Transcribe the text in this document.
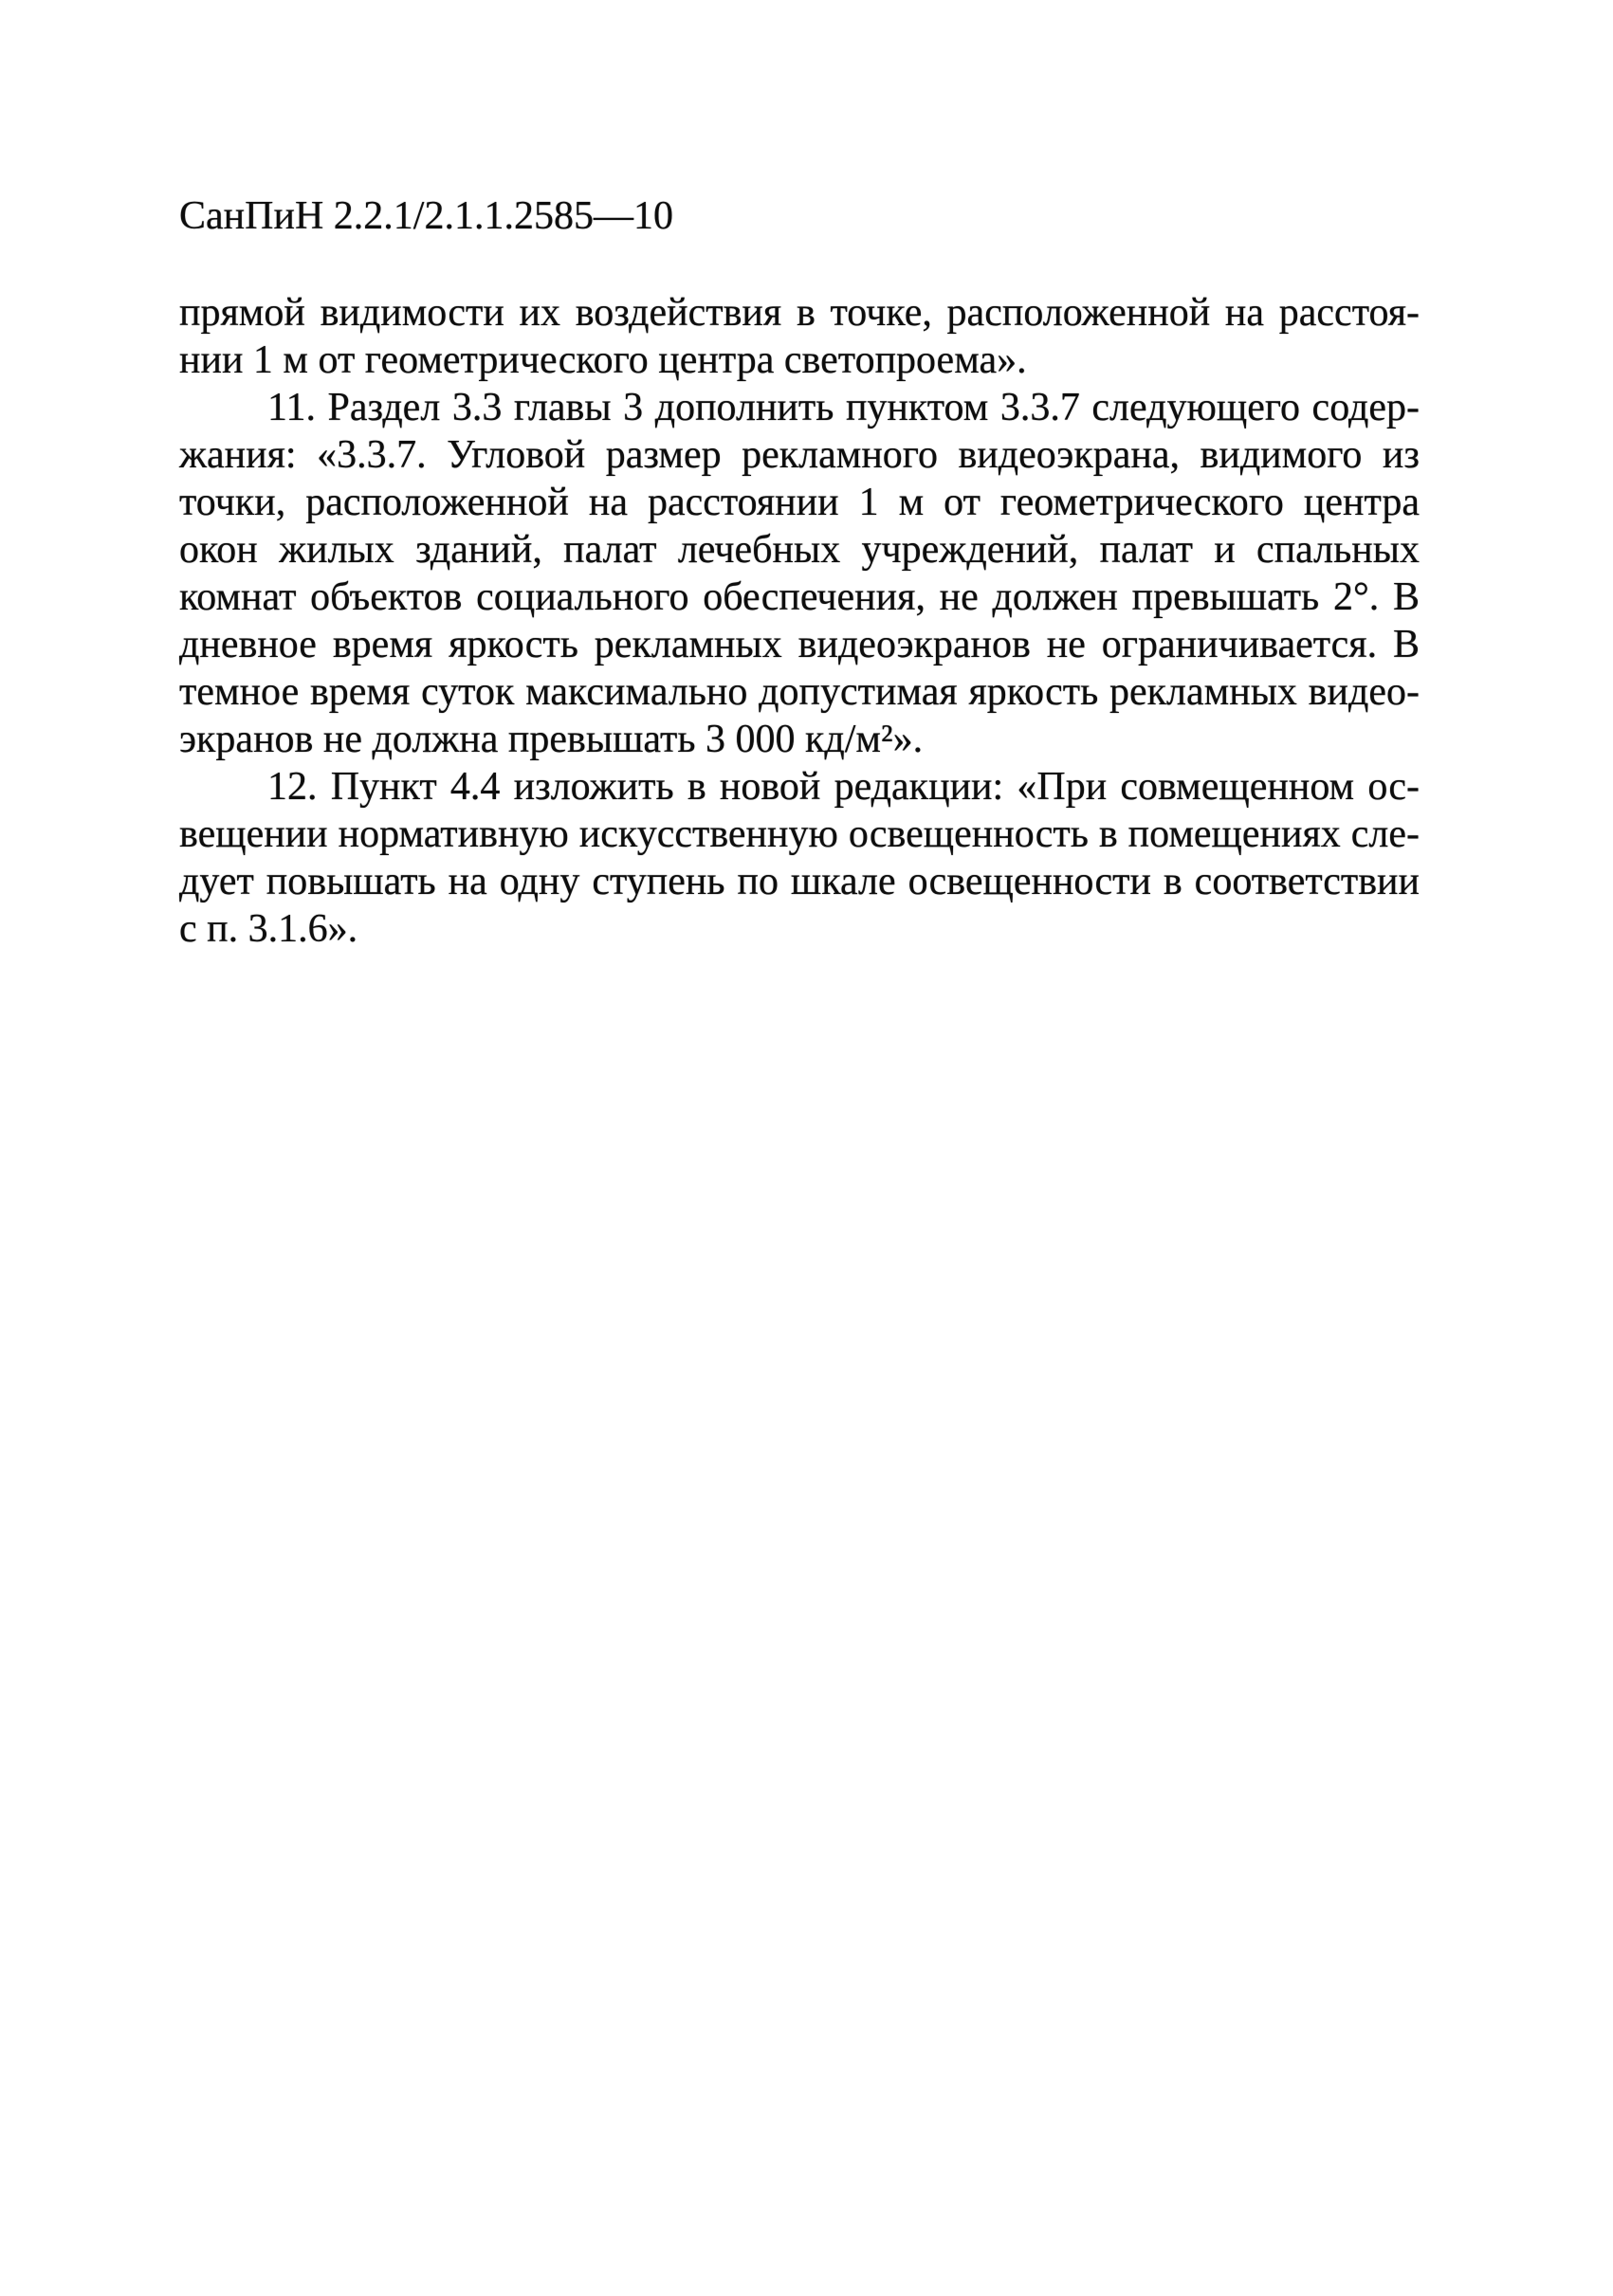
СанПиН 2.2.1/2.1.1.2585—10
прямой видимости их воздействия в точке, расположенной на расстоя-
нии 1 м от геометрического центра светопроема».
11. Раздел 3.3 главы 3 дополнить пунктом 3.3.7 следующего содер-
жания: «3.3.7. Угловой размер рекламного видеоэкрана, видимого из
точки, расположенной на расстоянии 1 м от геометрического центра
окон жилых зданий, палат лечебных учреждений, палат и спальных
комнат объектов социального обеспечения, не должен превышать 2°. В
дневное время яркость рекламных видеоэкранов не ограничивается. В
темное время суток максимально допустимая яркость рекламных видео-
экранов не должна превышать 3 000 кд/м²».
12. Пункт 4.4 изложить в новой редакции: «При совмещенном ос-
вещении нормативную искусственную освещенность в помещениях сле-
дует повышать на одну ступень по шкале освещенности в соответствии
с п. 3.1.6».
